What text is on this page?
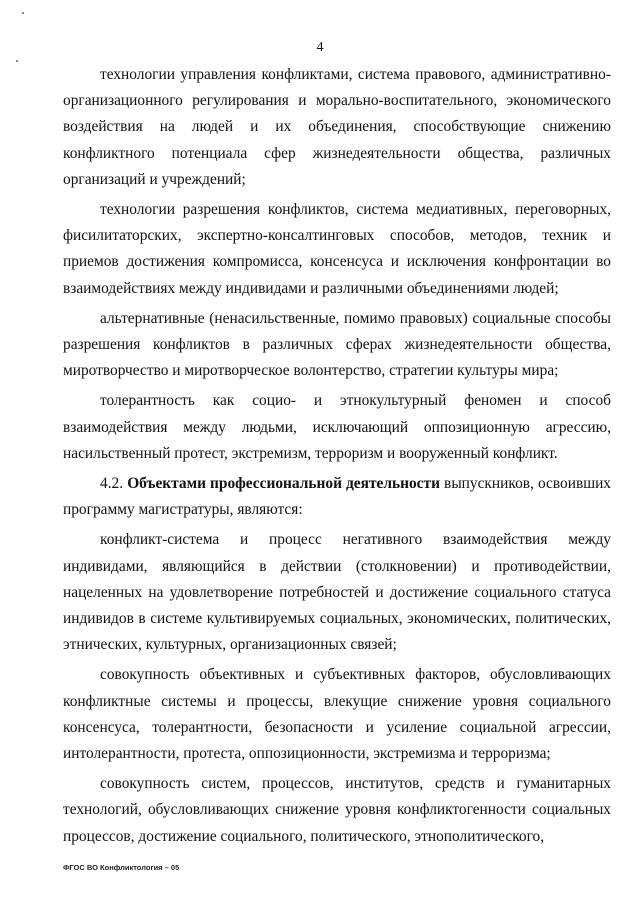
4

технологии управления конфликтами, система правового, административно-организационного регулирования и морально-воспитательного, экономического воздействия на людей и их объединения, способствующие снижению конфликтного потенциала сфер жизнедеятельности общества, различных организаций и учреждений;

технологии разрешения конфликтов, система медиативных, переговорных, фисилитаторских, экспертно-консалтинговых способов, методов, техник и приемов достижения компромисса, консенсуса и исключения конфронтации во взаимодействиях между индивидами и различными объединениями людей;

альтернативные (ненасильственные, помимо правовых) социальные способы разрешения конфликтов в различных сферах жизнедеятельности общества, миротворчество и миротворческое волонтерство, стратегии культуры мира;

толерантность как социо- и этнокультурный феномен и способ взаимодействия между людьми, исключающий оппозиционную агрессию, насильственный протест, экстремизм, терроризм и вооруженный конфликт.

4.2. Объектами профессиональной деятельности выпускников, освоивших программу магистратуры, являются:

конфликт-система и процесс негативного взаимодействия между индивидами, являющийся в действии (столкновении) и противодействии, нацеленных на удовлетворение потребностей и достижение социального статуса индивидов в системе культивируемых социальных, экономических, политических, этнических, культурных, организационных связей;

совокупность объективных и субъективных факторов, обусловливающих конфликтные системы и процессы, влекущие снижение уровня социального консенсуса, толерантности, безопасности и усиление социальной агрессии, интолерантности, протеста, оппозиционности, экстремизма и терроризма;

совокупность систем, процессов, институтов, средств и гуманитарных технологий, обусловливающих снижение уровня конфликтогенности социальных процессов, достижение социального, политического, этнополитического,

ФГОС ВО Конфликтология – 05
